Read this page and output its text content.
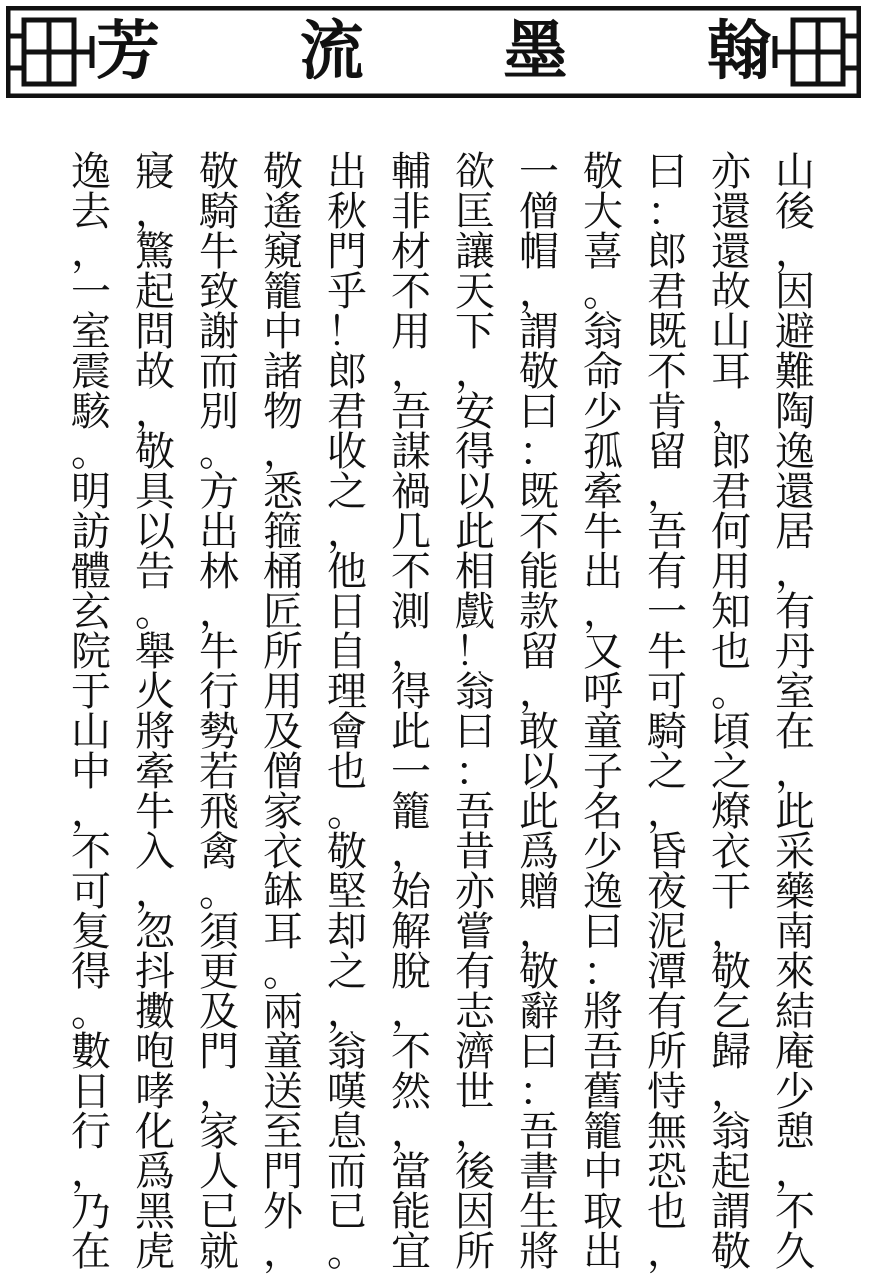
芳 流 墨 翰
山
後
，
因
避
難
陶
逸
還
居
，
有
丹
室
在
，
此
采
藥
南
來
結
庵
少
憩
，
不
久
亦
還
還
故
山
耳
，
郎
君
何
用
知
也
。
頃
之
燎
衣
干
，
敬
乞
歸
，
翁
起
謂
敬
曰
：
郎
君
既
不
肯
留
，
吾
有
一
牛
可
騎
之
，
昏
夜
泥
潭
有
所
恃
無
恐
也
，
敬
大
喜
。
翁
命
少
孤
牽
牛
出
，
又
呼
童
子
名
少
逸
曰
：
將
吾
舊
籠
中
取
出
一
僧
帽
，
謂
敬
曰
：
既
不
能
款
留
，
敢
以
此
爲
贈
，
敬
辭
曰
：
吾
書
生
將
欲
匡
讓
天
下
，
安
得
以
此
相
戲
！
翁
曰
：
吾
昔
亦
嘗
有
志
濟
世
，
後
因
所
輔
非
材
不
用
，
吾
謀
禍
几
不
測
，
得
此
一
籠
，
始
解
脫
，
不
然
，
當
能
宜
出
秋
門
乎
！
郎
君
收
之
，
他
日
自
理
會
也
。
敬
堅
却
之
，
翁
嘆
息
而
已
。
敬
遙
窺
籠
中
諸
物
，
悉
箍
桶
匠
所
用
及
僧
家
衣
缽
耳
。
兩
童
送
至
門
外
，
敬
騎
牛
致
謝
而
別
。
方
出
林
，
牛
行
勢
若
飛
禽
。
須
更
及
門
，
家
人
已
就
寢
，
驚
起
問
故
，
敬
具
以
告
。
舉
火
將
牽
牛
入
，
忽
抖
擻
咆
哮
化
爲
黑
虎
逸
去
，
一
室
震
駭
。
明
訪
體
玄
院
于
山
中
，
不
可
复
得
。
數
日
行
，
乃
在
